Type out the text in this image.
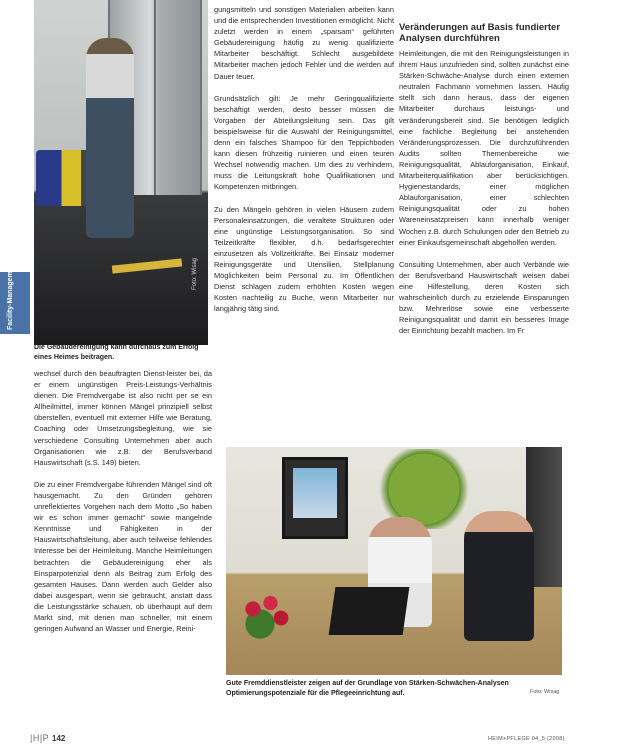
Foto: Wisag
Facility-Management
Die Gebäudereinigung kann durchaus zum Erfolg eines Heimes beitragen.

wechsel durch den beauftragten Dienst-leister bei, da er einem ungünstigen Preis-Leistungs-Verhältnis dienen. Die Fremdvergabe ist also nicht per se ein Allheilmittel, immer können Mängel prinzipiell selbst überstellen, eventuell mit externer Hilfe wie Beratung, Coaching oder Umsetzungsbegleitung, wie sie verschiedene Consulting Unternehmen aber auch Organisationen wie z.B. der Berufsverband Hauswirtschaft (s.S. 149) bieten.

Die zu einer Fremdvergabe führenden Mängel sind oft hausgemacht. Zu den Gründen gehören unreflektiertes Vorgehen nach dem Motto „So haben wir es schon immer gemacht“ sowie mangelnde Kenntnisse und Fähigkeiten in der Hauswirtschaftsleitung, aber auch teilweise fehlendes Interesse bei der Heimleitung. Manche Heimleitungen betrachten die Gebäudereinigung eher als Einsparpotenzial denn als Beitrag zum Erfolg des gesamten Hauses. Dann werden auch Gelder also dabei ausgespart, wenn sie gebraucht, anstatt dass die Leistungsstärke schauen, ob überhaupt auf dem Markt sind, mit denen man schneller, mit einem geringen Aufwand an Wasser und Energie, Reini-

gungsmitteln und sonstigen Materialien arbeiten kann und die entsprechenden Investitionen ermöglicht. Nicht zuletzt werden in einem „sparsam“ geführten Gebäudereinigung häufig zu wenig qualifizierte Mitarbeiter beschäftigt. Schlecht ausgebildete Mitarbeiter machen jedoch Fehler und die werden auf Dauer teuer.

Grundsätzlich gilt: Je mehr Geringqualifizierte beschäftigt werden, desto besser müssen die Vorgaben der Abteilungsleitung sein. Das gilt beispielsweise für die Auswahl der Reinigungsmittel, denn ein falsches Shampoo für den Teppichboden kann diesen frühzeitig ruinieren und einen teuren Wechsel notwendig machen. Um dies zu verhindern, muss die Leitungskraft hohe Qualifikationen und Kompetenzen mitbringen.

Zu den Mängeln gehören in vielen Häusern zudem Personaleinsatzungen, die veraltete Strukturen oder eine ungünstige Leistungsorganisation. So sind Teilzeitkräfte flexibler, d.h. bedarfsgerechter einzusetzen als Vollzeitkräfte. Bei Einsatz moderner Reinigungsgeräte und Utensilien, Stellplanung Möglichkeiten beim Personal zu. Im Öffentlichen Dienst schlagen zudem erhöhten Kosten wegen Kosten nachteilig zu Buche, wenn Mitarbeiter nur langjährig tätig sind.

Veränderungen auf Basis fundierter Analysen durchführen

Heimleitungen, die mit den Reinigungsleistungen in ihrem Haus unzufrieden sind, sollten zunächst eine Stärken-Schwäche-Analyse durch einen externen neutralen Fachmann vornehmen lassen. Häufig stellt sich dann heraus, dass der eigenen Mitarbeiter durchaus leistungs- und veränderungsbereit sind. Sie benötigen lediglich eine fachliche Begleitung bei anstehenden Veränderungsprozessen. Die durchzuführenden Audits sollten Themenbereiche wie Reinigungsqualität, Ablauforganisation, Einkauf, Mitarbeiterqualifikation aber berücksichtigen. Hygienestandards, einer möglichen Ablauforganisation, einer schlechten Reinigungsqualität oder zu hohen Wareneinsatzpreisen kann innerhalb weniger Wochen z.B. durch Schulungen oder den Betrieb zu einer Einkaufsgemeinschaft abgeholfen werden.

Consulting Unternehmen, aber auch Verbände wie der Berufsverband Hauswirtschaft weisen dabei eine Hilfestellung, deren Kosten sich wahrscheinlich durch zu erzielende Einsparungen bzw. Mehrerlöse sowie eine verbesserte Reinigungsqualität und damit ein besseres Image der Einrichtung bezahlt machen. Im Fr

Gute Fremddienstleister zeigen auf der Grundlage von Stärken-Schwächen-Analysen Optimierungspotenziale für die Pflegeeinrichtung auf.	Foto: Wisag
|H|P 142	HEIM+PFLEGE 04_5 (2008)
